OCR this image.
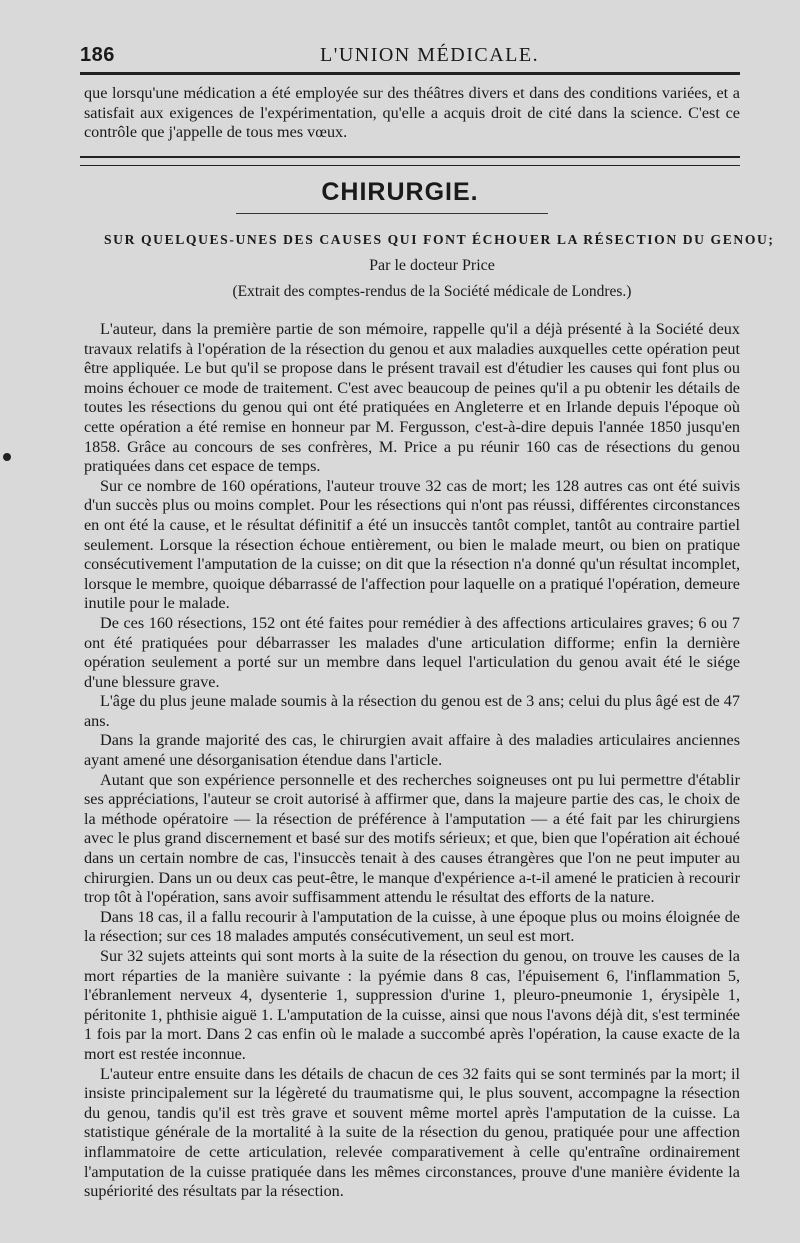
186	L'UNION MÉDICALE.

que lorsqu'une médication a été employée sur des théâtres divers et dans des conditions variées, et a satisfait aux exigences de l'expérimentation, qu'elle a acquis droit de cité dans la science. C'est ce contrôle que j'appelle de tous mes vœux.

CHIRURGIE.
SUR QUELQUES-UNES DES CAUSES QUI FONT ÉCHOUER LA RÉSECTION DU GENOU;
Par le docteur Price
(Extrait des comptes-rendus de la Société médicale de Londres.)

L'auteur, dans la première partie de son mémoire, rappelle qu'il a déjà présenté à la Société deux travaux relatifs à l'opération de la résection du genou et aux maladies auxquelles cette opération peut être appliquée. Le but qu'il se propose dans le présent travail est d'étudier les causes qui font plus ou moins échouer ce mode de traitement. C'est avec beaucoup de peines qu'il a pu obtenir les détails de toutes les résections du genou qui ont été pratiquées en Angleterre et en Irlande depuis l'époque où cette opération a été remise en honneur par M. Fergusson, c'est-à-dire depuis l'année 1850 jusqu'en 1858. Grâce au concours de ses confrères, M. Price a pu réunir 160 cas de résections du genou pratiquées dans cet espace de temps.

Sur ce nombre de 160 opérations, l'auteur trouve 32 cas de mort; les 128 autres cas ont été suivis d'un succès plus ou moins complet. Pour les résections qui n'ont pas réussi, différentes circonstances en ont été la cause, et le résultat définitif a été un insuccès tantôt complet, tantôt au contraire partiel seulement. Lorsque la résection échoue entièrement, ou bien le malade meurt, ou bien on pratique consécutivement l'amputation de la cuisse; on dit que la résection n'a donné qu'un résultat incomplet, lorsque le membre, quoique débarrassé de l'affection pour laquelle on a pratiqué l'opération, demeure inutile pour le malade.

De ces 160 résections, 152 ont été faites pour remédier à des affections articulaires graves; 6 ou 7 ont été pratiquées pour débarrasser les malades d'une articulation difforme; enfin la dernière opération seulement a porté sur un membre dans lequel l'articulation du genou avait été le siége d'une blessure grave.

L'âge du plus jeune malade soumis à la résection du genou est de 3 ans; celui du plus âgé est de 47 ans.

Dans la grande majorité des cas, le chirurgien avait affaire à des maladies articulaires anciennes ayant amené une désorganisation étendue dans l'article.

Autant que son expérience personnelle et des recherches soigneuses ont pu lui permettre d'établir ses appréciations, l'auteur se croit autorisé à affirmer que, dans la majeure partie des cas, le choix de la méthode opératoire — la résection de préférence à l'amputation — a été fait par les chirurgiens avec le plus grand discernement et basé sur des motifs sérieux; et que, bien que l'opération ait échoué dans un certain nombre de cas, l'insuccès tenait à des causes étrangères que l'on ne peut imputer au chirurgien. Dans un ou deux cas peut-être, le manque d'expérience a-t-il amené le praticien à recourir trop tôt à l'opération, sans avoir suffisamment attendu le résultat des efforts de la nature.

Dans 18 cas, il a fallu recourir à l'amputation de la cuisse, à une époque plus ou moins éloignée de la résection; sur ces 18 malades amputés consécutivement, un seul est mort.

Sur 32 sujets atteints qui sont morts à la suite de la résection du genou, on trouve les causes de la mort réparties de la manière suivante : la pyémie dans 8 cas, l'épuisement 6, l'inflammation 5, l'ébranlement nerveux 4, dysenterie 1, suppression d'urine 1, pleuro-pneumonie 1, érysipèle 1, péritonite 1, phthisie aiguë 1. L'amputation de la cuisse, ainsi que nous l'avons déjà dit, s'est terminée 1 fois par la mort. Dans 2 cas enfin où le malade a succombé après l'opération, la cause exacte de la mort est restée inconnue.

L'auteur entre ensuite dans les détails de chacun de ces 32 faits qui se sont terminés par la mort; il insiste principalement sur la légèreté du traumatisme qui, le plus souvent, accompagne la résection du genou, tandis qu'il est très grave et souvent même mortel après l'amputation de la cuisse. La statistique générale de la mortalité à la suite de la résection du genou, pratiquée pour une affection inflammatoire de cette articulation, relevée comparativement à celle qu'entraîne ordinairement l'amputation de la cuisse pratiquée dans les mêmes circonstances, prouve d'une manière évidente la supériorité des résultats par la résection.
